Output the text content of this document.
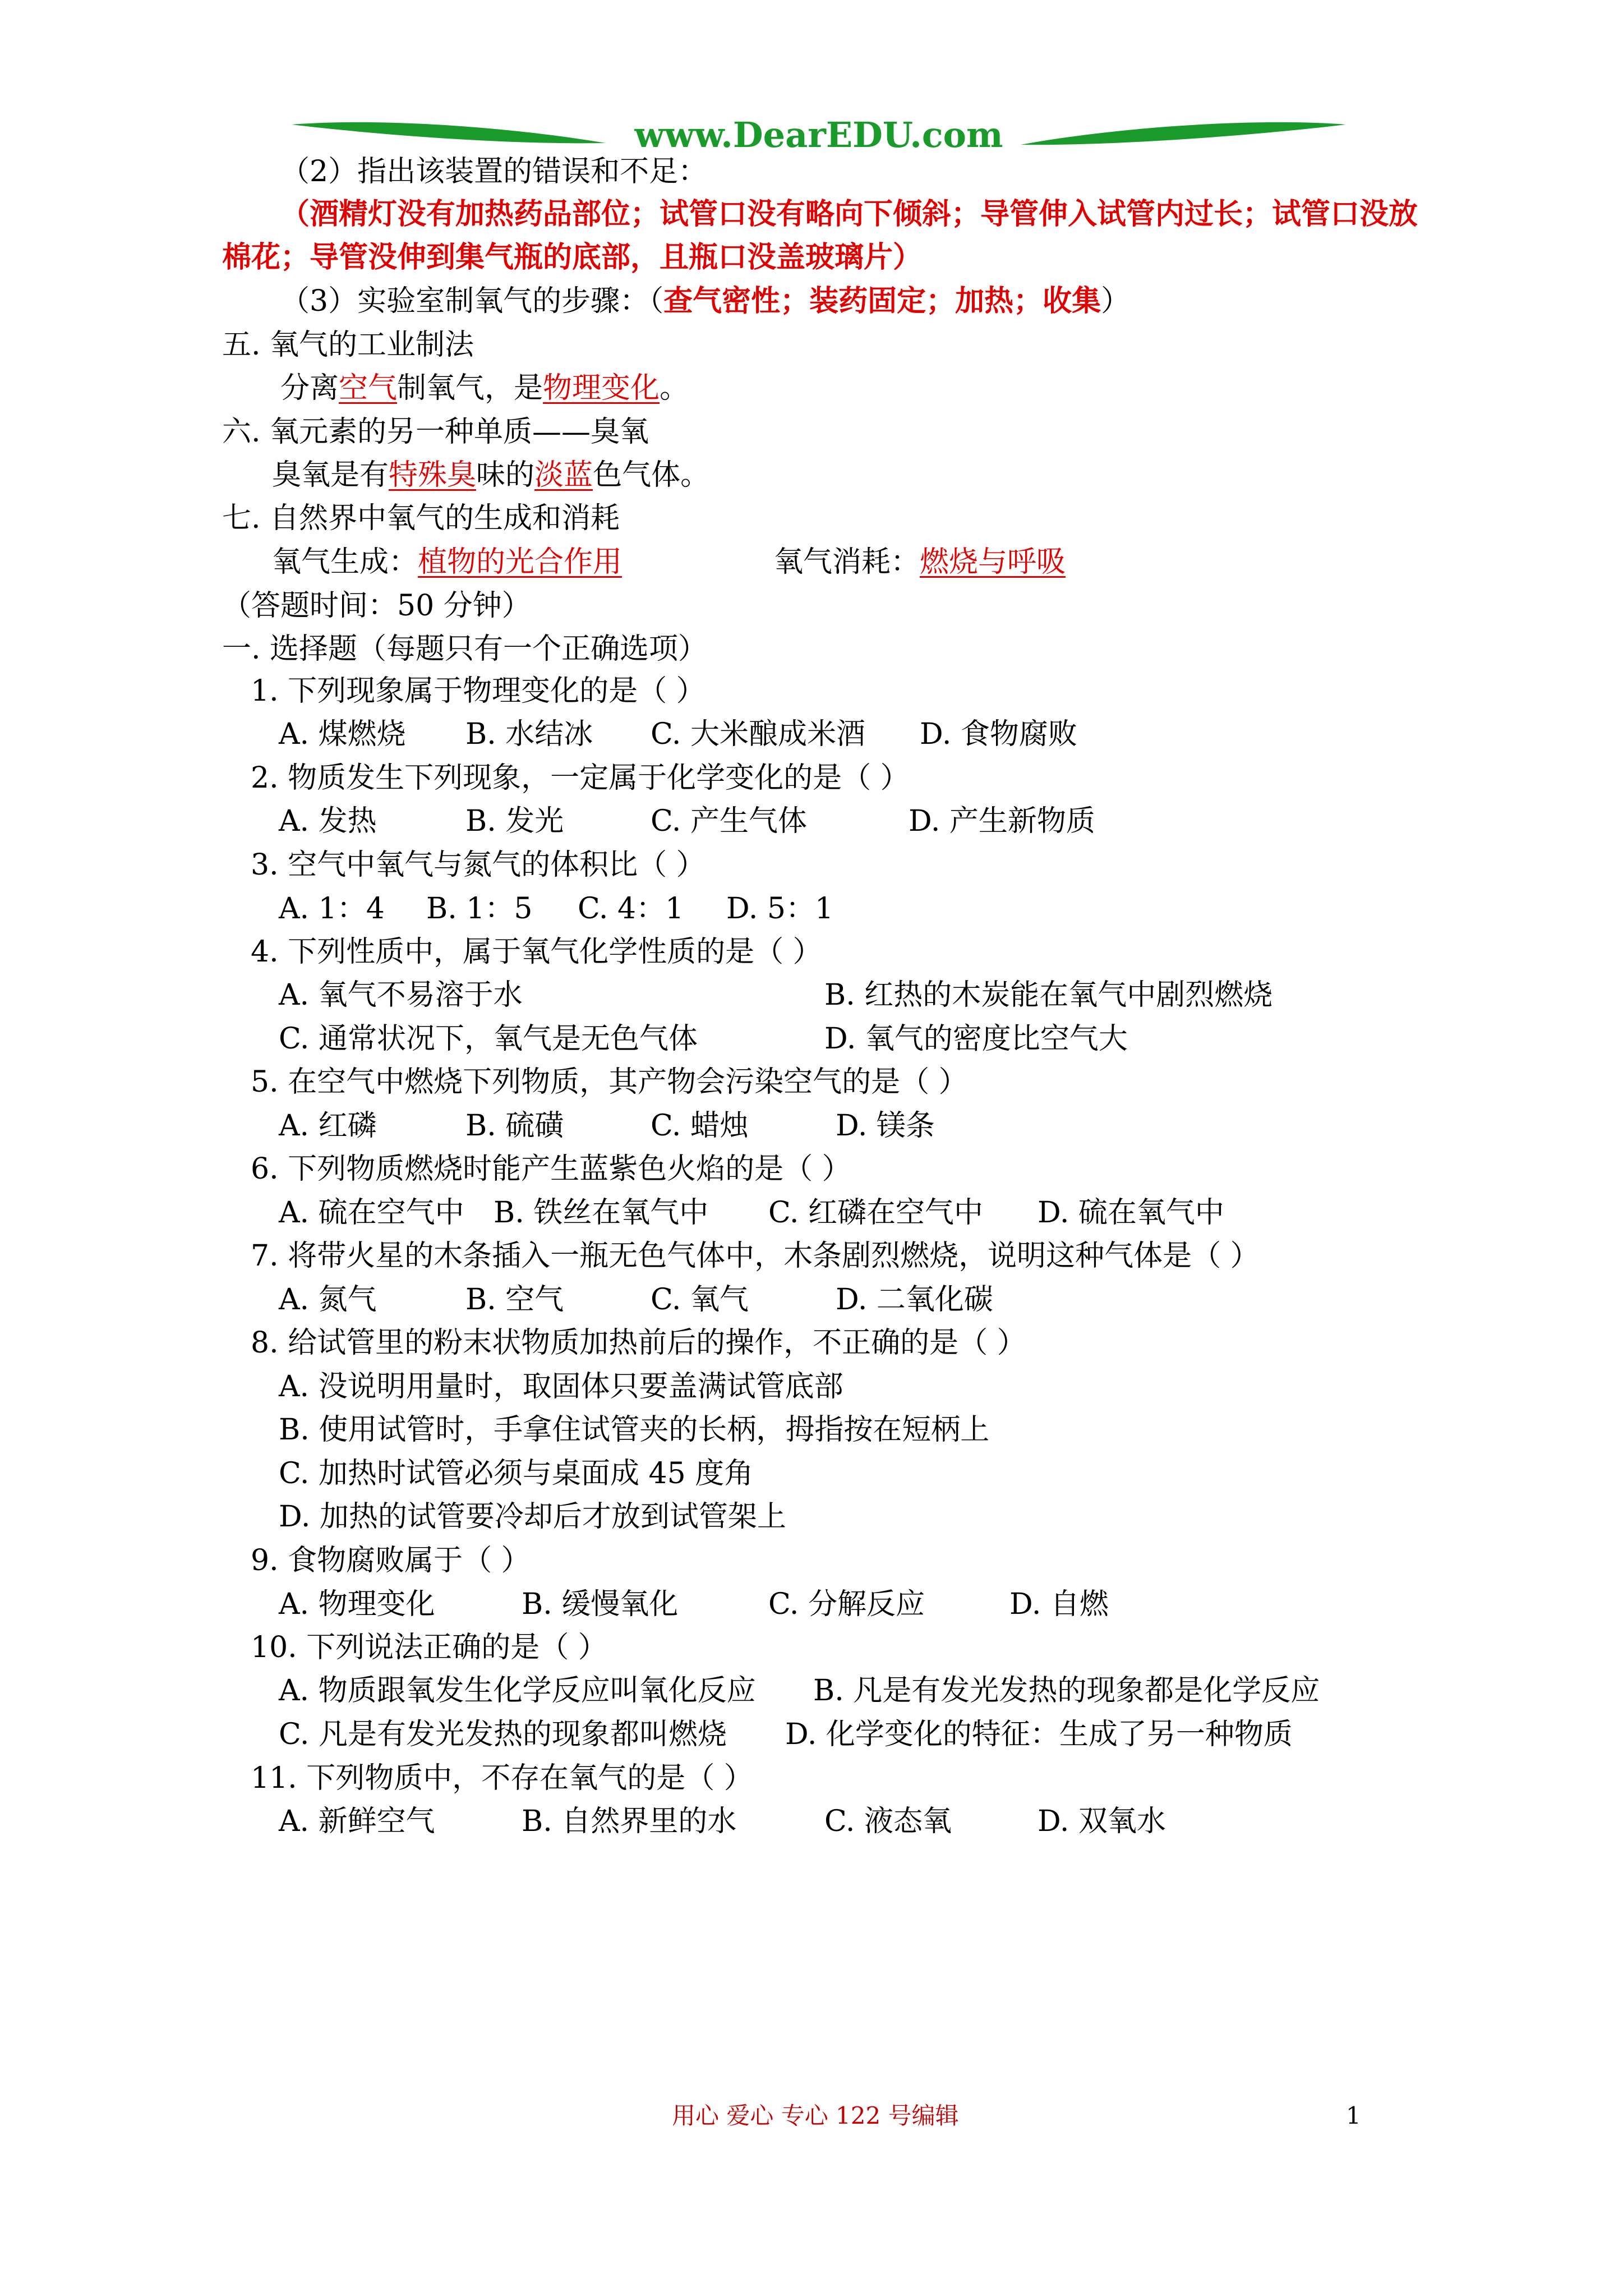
www.DearEDU.com
（2）指出该装置的错误和不足：
（酒精灯没有加热药品部位；试管口没有略向下倾斜；导管伸入试管内过长；试管口没放
棉花；导管没伸到集气瓶的底部，且瓶口没盖玻璃片）
（3）实验室制氧气的步骤：（查气密性；装药固定；加热；收集）
五. 氧气的工业制法
分离空气制氧气，是物理变化。
六. 氧元素的另一种单质——臭氧
臭氧是有特殊臭味的淡蓝色气体。
七. 自然界中氧气的生成和消耗
氧气生成：植物的光合作用	氧气消耗：燃烧与呼吸
（答题时间：50 分钟）
一. 选择题（每题只有一个正确选项）
1. 下列现象属于物理变化的是（ ）
A. 煤燃烧 B. 水结冰 C. 大米酿成米酒 D. 食物腐败
2. 物质发生下列现象，一定属于化学变化的是（ ）
A. 发热	B. 发光	C. 产生气体	D. 产生新物质
3. 空气中氧气与氮气的体积比（ ）
A. 1：4 B. 1：5 C. 4：1 D. 5：1
4. 下列性质中，属于氧气化学性质的是（ ）
A. 氧气不易溶于水	B. 红热的木炭能在氧气中剧烈燃烧
C. 通常状况下，氧气是无色气体	D. 氧气的密度比空气大
5. 在空气中燃烧下列物质，其产物会污染空气的是（ ）
A. 红磷	B. 硫磺	C. 蜡烛	D. 镁条
6. 下列物质燃烧时能产生蓝紫色火焰的是（ ）
A. 硫在空气中 B. 铁丝在氧气中 C. 红磷在空气中 D. 硫在氧气中
7. 将带火星的木条插入一瓶无色气体中，木条剧烈燃烧，说明这种气体是（ ）
A. 氮气	B. 空气	C. 氧气	D. 二氧化碳
8. 给试管里的粉末状物质加热前后的操作，不正确的是（ ）
A. 没说明用量时，取固体只要盖满试管底部
B. 使用试管时，手拿住试管夹的长柄，拇指按在短柄上
C. 加热时试管必须与桌面成 45 度角
D. 加热的试管要冷却后才放到试管架上
9. 食物腐败属于（ ）
A. 物理变化	B. 缓慢氧化	C. 分解反应	D. 自燃
10. 下列说法正确的是（ ）
A. 物质跟氧发生化学反应叫氧化反应 B. 凡是有发光发热的现象都是化学反应
C. 凡是有发光发热的现象都叫燃烧 D. 化学变化的特征：生成了另一种物质
11. 下列物质中，不存在氧气的是（ ）
A. 新鲜空气	B. 自然界里的水	C. 液态氧	D. 双氧水
用心 爱心 专心 122 号编辑	1
